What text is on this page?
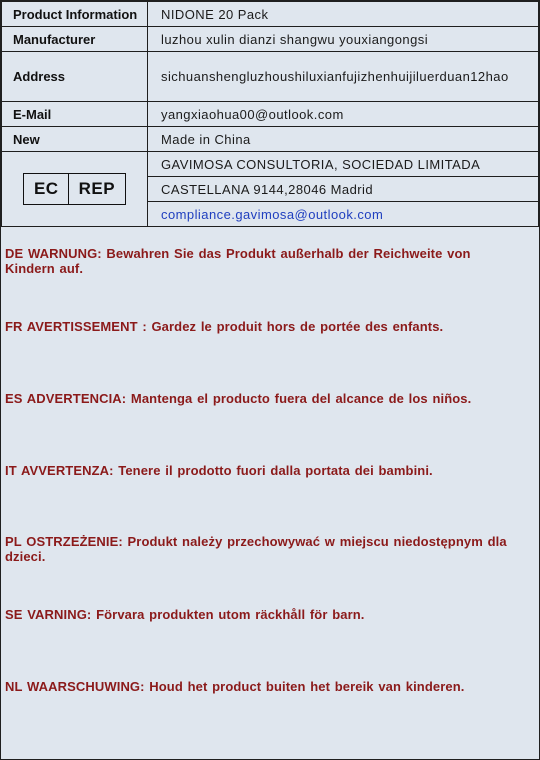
Product Information	NIDONE 20 Pack
Manufacturer	luzhou xulin dianzi shangwu youxiangongsi
Address	sichuanshengluzhoushiluxianfujizhenhuijiluerduan12hao
E-Mail	yangxiaohua00@outlook.com
New	Made in China

EC REP	GAVIMOSA CONSULTORIA, SOCIEDAD LIMITADA
	CASTELLANA 9144,28046 Madrid
	compliance.gavimosa@outlook.com
DE WARNUNG: Bewahren Sie das Produkt außerhalb der Reichweite von Kindern auf.
FR AVERTISSEMENT : Gardez le produit hors de portée des enfants.
ES ADVERTENCIA: Mantenga el producto fuera del alcance de los niños.
IT AVVERTENZA: Tenere il prodotto fuori dalla portata dei bambini.
PL OSTRZEŻENIE: Produkt należy przechowywać w miejscu niedostępnym dla dzieci.
SE VARNING: Förvara produkten utom räckhåll för barn.
NL WAARSCHUWING: Houd het product buiten het bereik van kinderen.
